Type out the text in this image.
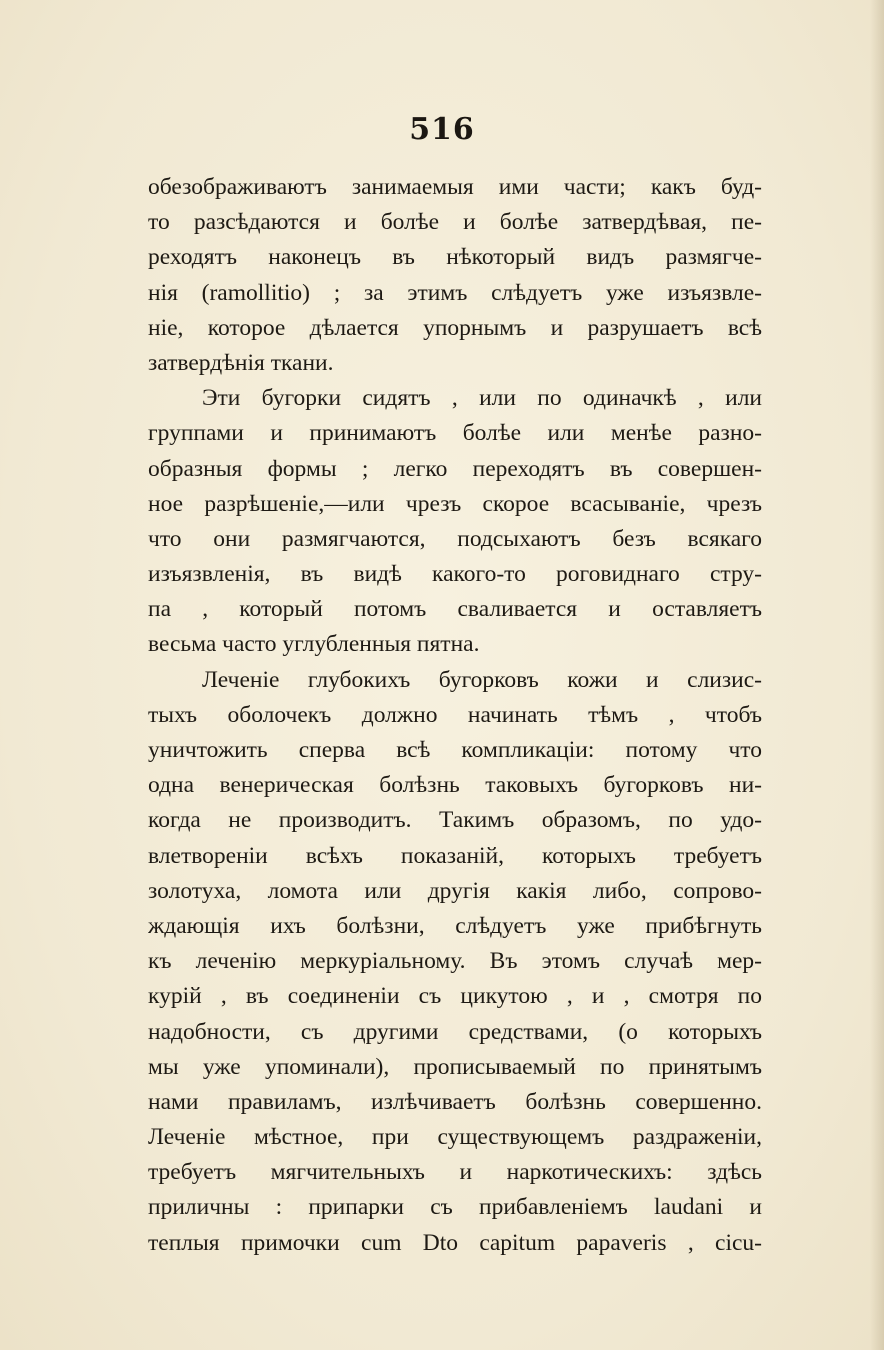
516
обезображиваютъ занимаемыя ими части; какъ буд-
то разсѣдаются и болѣе и болѣе затвердѣвая, пе-
реходятъ наконецъ въ нѣкоторый видъ размягче-
нія (ramollitio) ; за этимъ слѣдуетъ уже изъязвле-
ніе, которое дѣлается упорнымъ и разрушаетъ всѣ
затвердѣнія ткани.
Эти бугорки сидятъ , или по одиначкѣ , или
группами и принимаютъ болѣе или менѣе разно-
образныя формы ; легко переходятъ въ совершен-
ное разрѣшеніе,—или чрезъ скорое всасываніе, чрезъ
что они размягчаются, подсыхаютъ безъ всякаго
изъязвленія, въ видѣ какого-то роговиднаго стру-
па , который потомъ сваливается и оставляетъ
весьма часто углубленныя пятна.
Леченіе глубокихъ бугорковъ кожи и слизис-
тыхъ оболочекъ должно начинать тѣмъ , чтобъ
уничтожить сперва всѣ компликаціи: потому что
одна венерическая болѣзнь таковыхъ бугорковъ ни-
когда не производитъ. Такимъ образомъ, по удо-
влетвореніи всѣхъ показаній, которыхъ требуетъ
золотуха, ломота или другія какія либо, сопрово-
ждающія ихъ болѣзни, слѣдуетъ уже прибѣгнуть
къ леченію меркуріальному. Въ этомъ случаѣ мер-
курій , въ соединеніи съ цикутою , и , смотря по
надобности, съ другими средствами, (о которыхъ
мы уже упоминали), прописываемый по принятымъ
нами правиламъ, излѣчиваетъ болѣзнь совершенно.
Леченіе мѣстное, при существующемъ раздраженіи,
требуетъ мягчительныхъ и наркотическихъ: здѣсь
приличны : припарки съ прибавленіемъ laudani и
теплыя примочки cum Dto capitum papaveris , cicu-
